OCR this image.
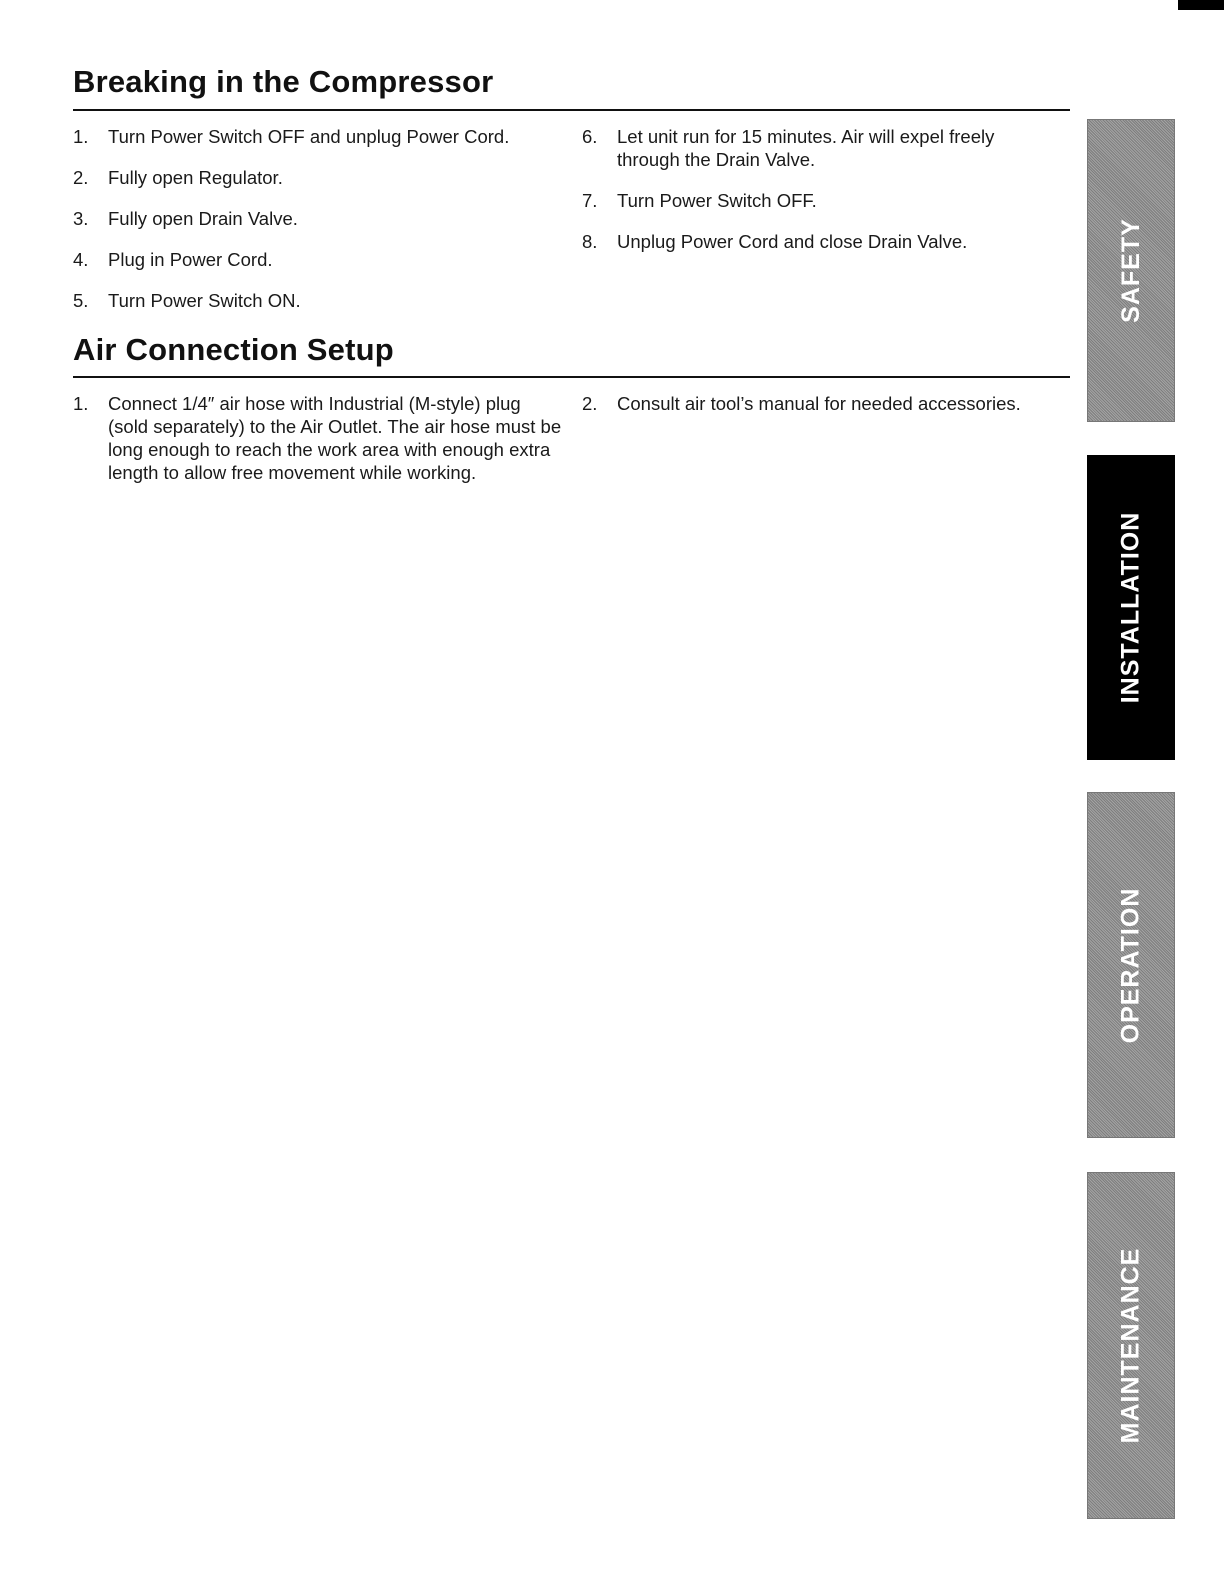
Breaking in the Compressor
1. Turn Power Switch OFF and unplug Power Cord.
2. Fully open Regulator.
3. Fully open Drain Valve.
4. Plug in Power Cord.
5. Turn Power Switch ON.
6. Let unit run for 15 minutes. Air will expel freely through the Drain Valve.
7. Turn Power Switch OFF.
8. Unplug Power Cord and close Drain Valve.
Air Connection Setup
1. Connect 1/4″ air hose with Industrial (M-style) plug (sold separately) to the Air Outlet. The air hose must be long enough to reach the work area with enough extra length to allow free movement while working.
2. Consult air tool’s manual for needed accessories.
SAFETY
INSTALLATION
OPERATION
MAINTENANCE
